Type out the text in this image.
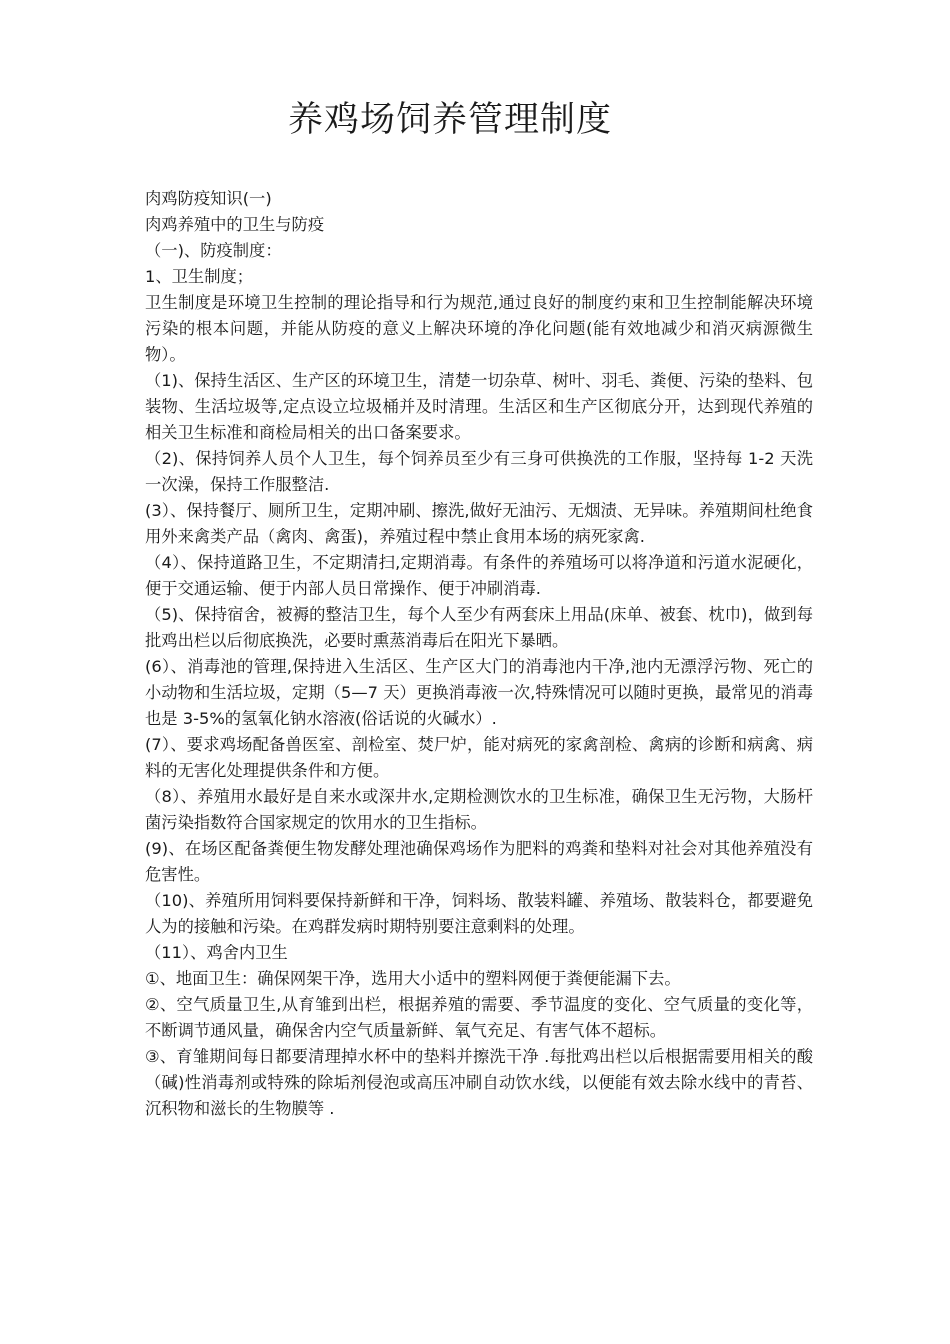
养鸡场饲养管理制度

肉鸡防疫知识(一)

肉鸡养殖中的卫生与防疫

（一)、防疫制度：

1、卫生制度；

卫生制度是环境卫生控制的理论指导和行为规范,通过良好的制度约束和卫生控制能解决环境污染的根本问题，并能从防疫的意义上解决环境的净化问题(能有效地减少和消灭病源微生物）。

（1)、保持生活区、生产区的环境卫生，清楚一切杂草、树叶、羽毛、粪便、污染的垫料、包装物、生活垃圾等,定点设立垃圾桶并及时清理。生活区和生产区彻底分开，达到现代养殖的相关卫生标准和商检局相关的出口备案要求。

（2)、保持饲养人员个人卫生，每个饲养员至少有三身可供换洗的工作服，坚持每 1-2 天洗一次澡，保持工作服整洁.

(3）、保持餐厅、厕所卫生，定期冲刷、擦洗,做好无油污、无烟渍、无异味。养殖期间杜绝食用外来禽类产品（禽肉、禽蛋)，养殖过程中禁止食用本场的病死家禽.

（4）、保持道路卫生，不定期清扫,定期消毒。有条件的养殖场可以将净道和污道水泥硬化，便于交通运输、便于内部人员日常操作、便于冲刷消毒.

（5)、保持宿舍，被褥的整洁卫生，每个人至少有两套床上用品(床单、被套、枕巾)，做到每批鸡出栏以后彻底换洗，必要时熏蒸消毒后在阳光下暴晒。

(6）、消毒池的管理,保持进入生活区、生产区大门的消毒池内干净,池内无漂浮污物、死亡的小动物和生活垃圾，定期（5—7 天）更换消毒液一次,特殊情况可以随时更换，最常见的消毒也是 3-5%的氢氧化钠水溶液(俗话说的火碱水）.

(7）、要求鸡场配备兽医室、剖检室、焚尸炉，能对病死的家禽剖检、禽病的诊断和病禽、病料的无害化处理提供条件和方便。

（8）、养殖用水最好是自来水或深井水,定期检测饮水的卫生标准，确保卫生无污物，大肠杆菌污染指数符合国家规定的饮用水的卫生指标。

(9)、在场区配备粪便生物发酵处理池确保鸡场作为肥料的鸡粪和垫料对社会对其他养殖没有危害性。

（10)、养殖所用饲料要保持新鲜和干净，饲料场、散装料罐、养殖场、散装料仓，都要避免人为的接触和污染。在鸡群发病时期特别要注意剩料的处理。

（11）、鸡舍内卫生

①、地面卫生：确保网架干净，选用大小适中的塑料网便于粪便能漏下去。

②、空气质量卫生,从育雏到出栏，根据养殖的需要、季节温度的变化、空气质量的变化等，不断调节通风量，确保舍内空气质量新鲜、氧气充足、有害气体不超标。

③、育雏期间每日都要清理掉水杯中的垫料并擦洗干净 .每批鸡出栏以后根据需要用相关的酸（碱)性消毒剂或特殊的除垢剂侵泡或高压冲刷自动饮水线，以便能有效去除水线中的青苔、沉积物和滋长的生物膜等 .
